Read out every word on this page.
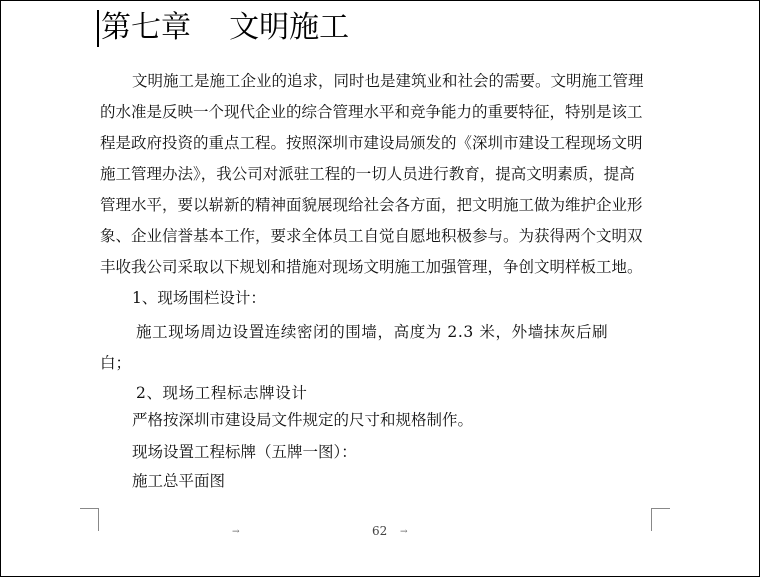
第七章    文明施工
文明施工是施工企业的追求，同时也是建筑业和社会的需要。文明施工管理
的水准是反映一个现代企业的综合管理水平和竞争能力的重要特征，特别是该工
程是政府投资的重点工程。按照深圳市建设局颁发的《深圳市建设工程现场文明
施工管理办法》，我公司对派驻工程的一切人员进行教育，提高文明素质，提高
管理水平，要以崭新的精神面貌展现给社会各方面，把文明施工做为维护企业形
象、企业信誉基本工作，要求全体员工自觉自愿地积极参与。为获得两个文明双
丰收我公司采取以下规划和措施对现场文明施工加强管理，争创文明样板工地。
1、现场围栏设计：
施工现场周边设置连续密闭的围墙，高度为 2.3 米，外墙抹灰后刷
白；
2、现场工程标志牌设计
严格按深圳市建设局文件规定的尺寸和规格制作。
现场设置工程标牌（五牌一图）：
施工总平面图
→	62 →
